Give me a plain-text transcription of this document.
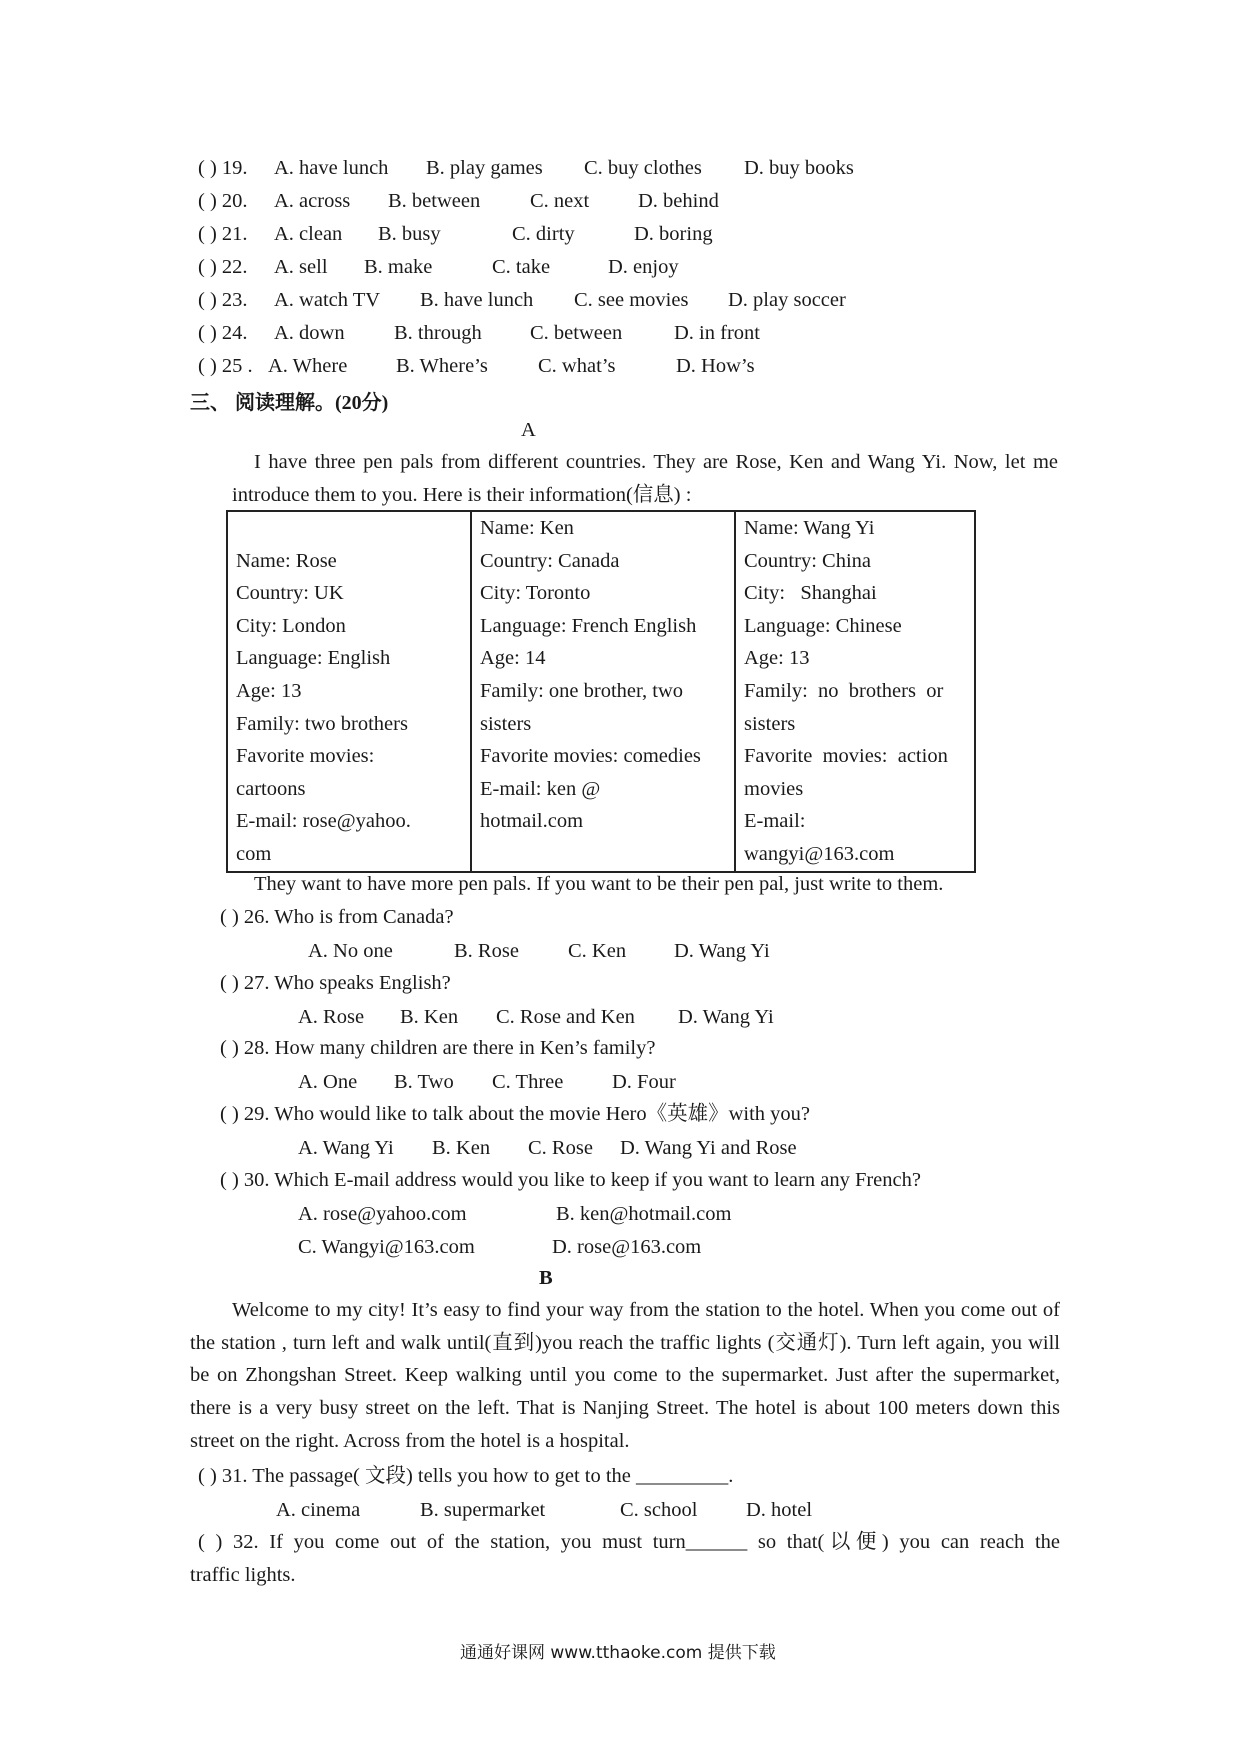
( ) 19. A. have lunch B. play games C. buy clothes D. buy books
( ) 20. A. across B. between C. next D. behind
( ) 21. A. clean B. busy	C. dirty	D. boring
( ) 22. A. sell B. make	C. take	D. enjoy
( ) 23. A. watch TV B. have lunch C. see movies D. play soccer
( ) 24. A. down B. through C. between	D. in front
( ) 25 . A. Where B. Where’s C. what’s	D. How’s
三、 阅读理解。(20分)
A
I have three pen pals from different countries. They are Rose, Ken and Wang Yi. Now, let me introduce them to you. Here is their information(信息) :
Name: Rose
Country: UK
City: London
Language: English
Age: 13
Family: two brothers
Favorite movies:
cartoons
E-mail: rose@yahoo.
com

Name: Ken
Country: Canada
City: Toronto
Language: French English
Age: 14
Family: one brother, two
sisters
Favorite movies: comedies
E-mail: ken @
hotmail.com

Name: Wang Yi
Country: China
City:   Shanghai
Language: Chinese
Age: 13
Family:  no  brothers  or
sisters
Favorite  movies:  action
movies
E-mail:
wangyi@163.com
They want to have more pen pals. If you want to be their pen pal, just write to them.
( ) 26. Who is from Canada?
A. No one	B. Rose C. Ken D. Wang Yi
( ) 27. Who speaks English?
A. Rose B. Ken C. Rose and Ken D. Wang Yi
( ) 28. How many children are there in Ken’s family?
A. One B. Two C. Three D. Four
( ) 29. Who would like to talk about the movie Hero《英雄》with you?
A. Wang Yi B. Ken C. Rose D. Wang Yi and Rose
( ) 30. Which E-mail address would you like to keep if you want to learn any French?
A. rose@yahoo.com	B. ken@hotmail.com
C. Wangyi@163.com	D. rose@163.com
B
Welcome to my city! It’s easy to find your way from the station to the hotel. When you come out of the station , turn left and walk until(直到)you reach the traffic lights (交通灯). Turn left again, you will be on Zhongshan Street. Keep walking until you come to the supermarket. Just after the supermarket, there is a very busy street on the left. That is Nanjing Street. The hotel is about 100 meters down this street on the right. Across from the hotel is a hospital.
( ) 31. The passage( 文段) tells you how to get to the _________.
A. cinema	B. supermarket	C. school D. hotel
( ) 32. If you come out of the station, you must turn______ so that(以便) you can reach the
traffic lights.
通通好课网 www.tthaoke.com 提供下载
